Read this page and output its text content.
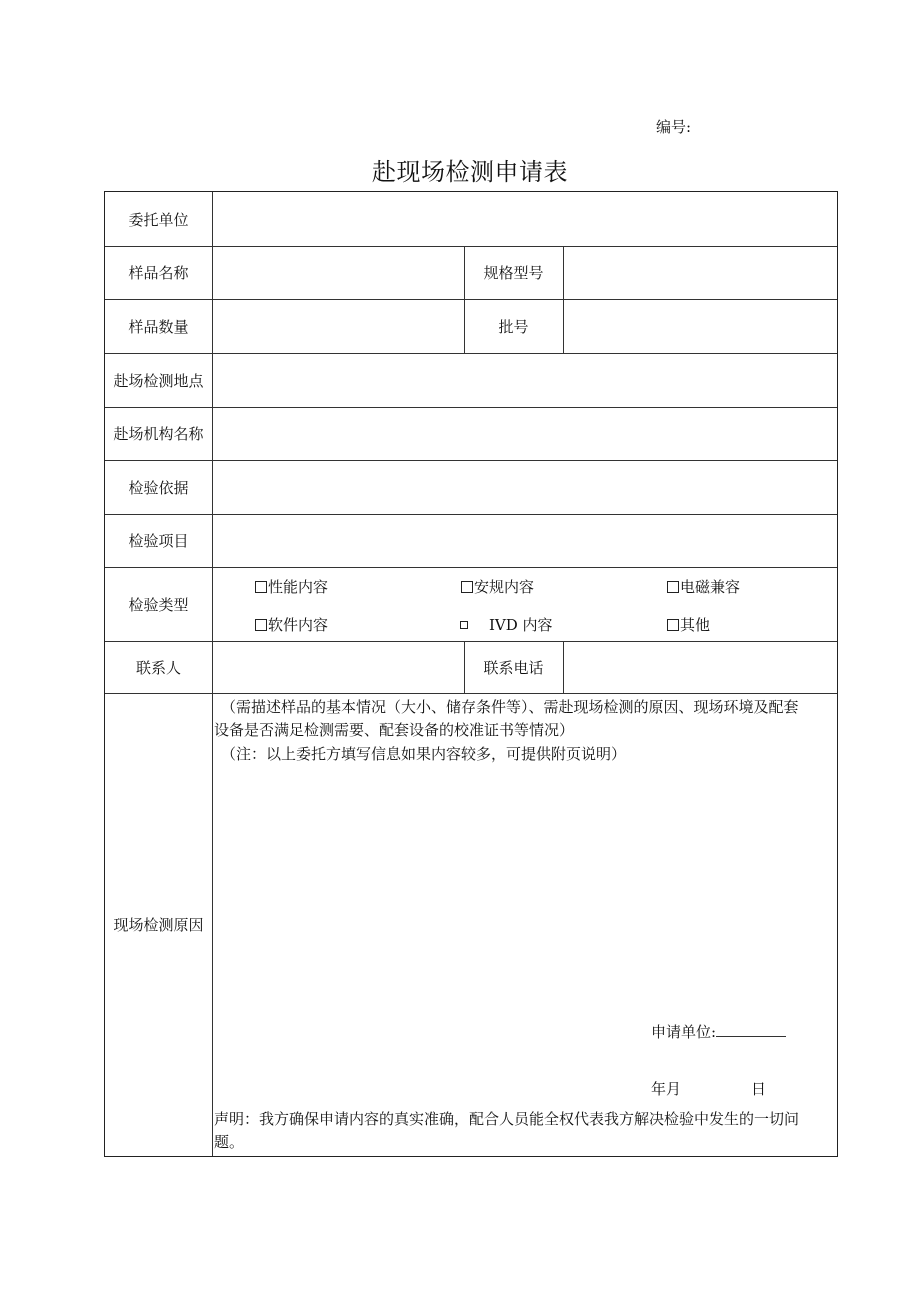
编号:
赴现场检测申请表
委托单位
样品名称	规格型号
样品数量	批号
赴场检测地点
赴场机构名称
检验依据
检验项目
检验类型
性能内容	安规内容	电磁兼容
软件内容	IVD 内容	其他
联系人	联系电话
现场检测原因
（需描述样品的基本情况（大小、储存条件等）、需赴现场检测的原因、现场环境及配套
设备是否满足检测需要、配套设备的校准证书等情况）
（注：以上委托方填写信息如果内容较多，可提供附页说明）
申请单位:
年月	日
声明：我方确保申请内容的真实准确，配合人员能全权代表我方解决检验中发生的一切问
题。
